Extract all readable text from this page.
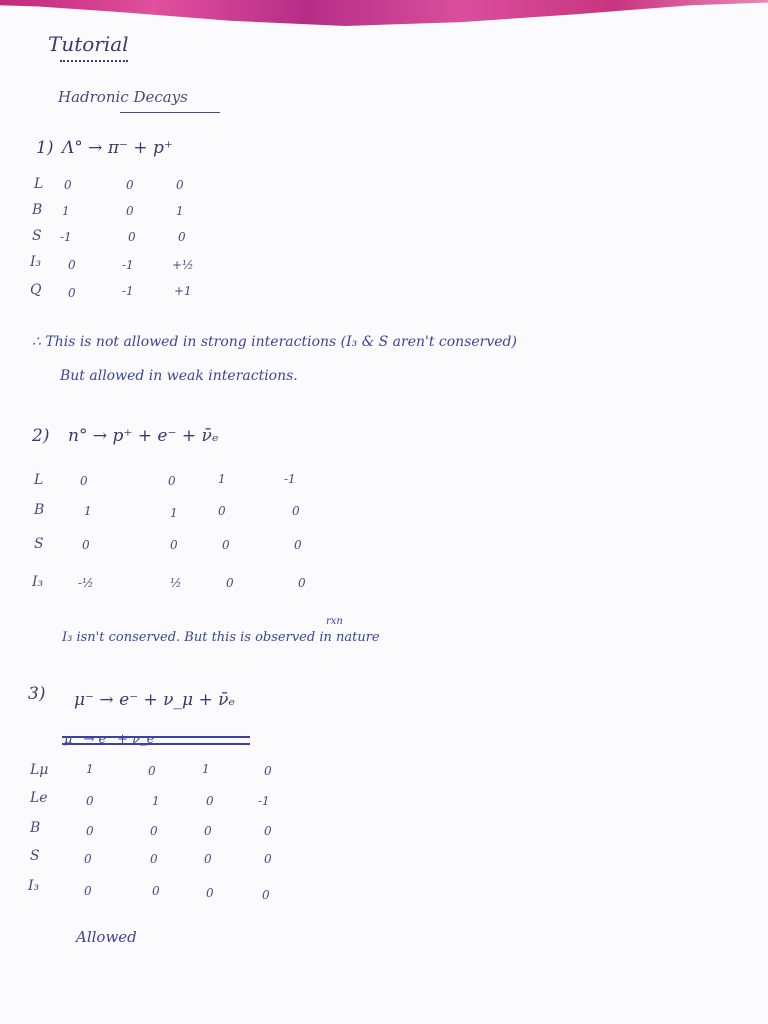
Tutorial
Hadronic Decays
1) Λ° → π⁻ + p⁺
L 0	0	0
B 1	0	1
S -1	0	0
I₃ 0	-1	+½
Q 0	-1	+1
∴ This is not allowed in strong interactions (I₃ & S aren't conserved)
But allowed in weak interactions.
2) n° → p⁺ + e⁻ + ν̄ₑ
L	0	0	1	-1
B	1	1	0	0
S	0	0	0	0
I₃	-½	½	0	0
rxn
I₃ isn't conserved. But this is observed in nature
3) μ⁻ → e⁻ + ν_μ + ν̄ₑ
μ⁻ → e⁻ + ν_e
Lμ	1	0	1	0
Le	0	1	0	-1
B	0	0	0	0
S	0	0	0	0
I₃	0	0	0	0
Allowed
